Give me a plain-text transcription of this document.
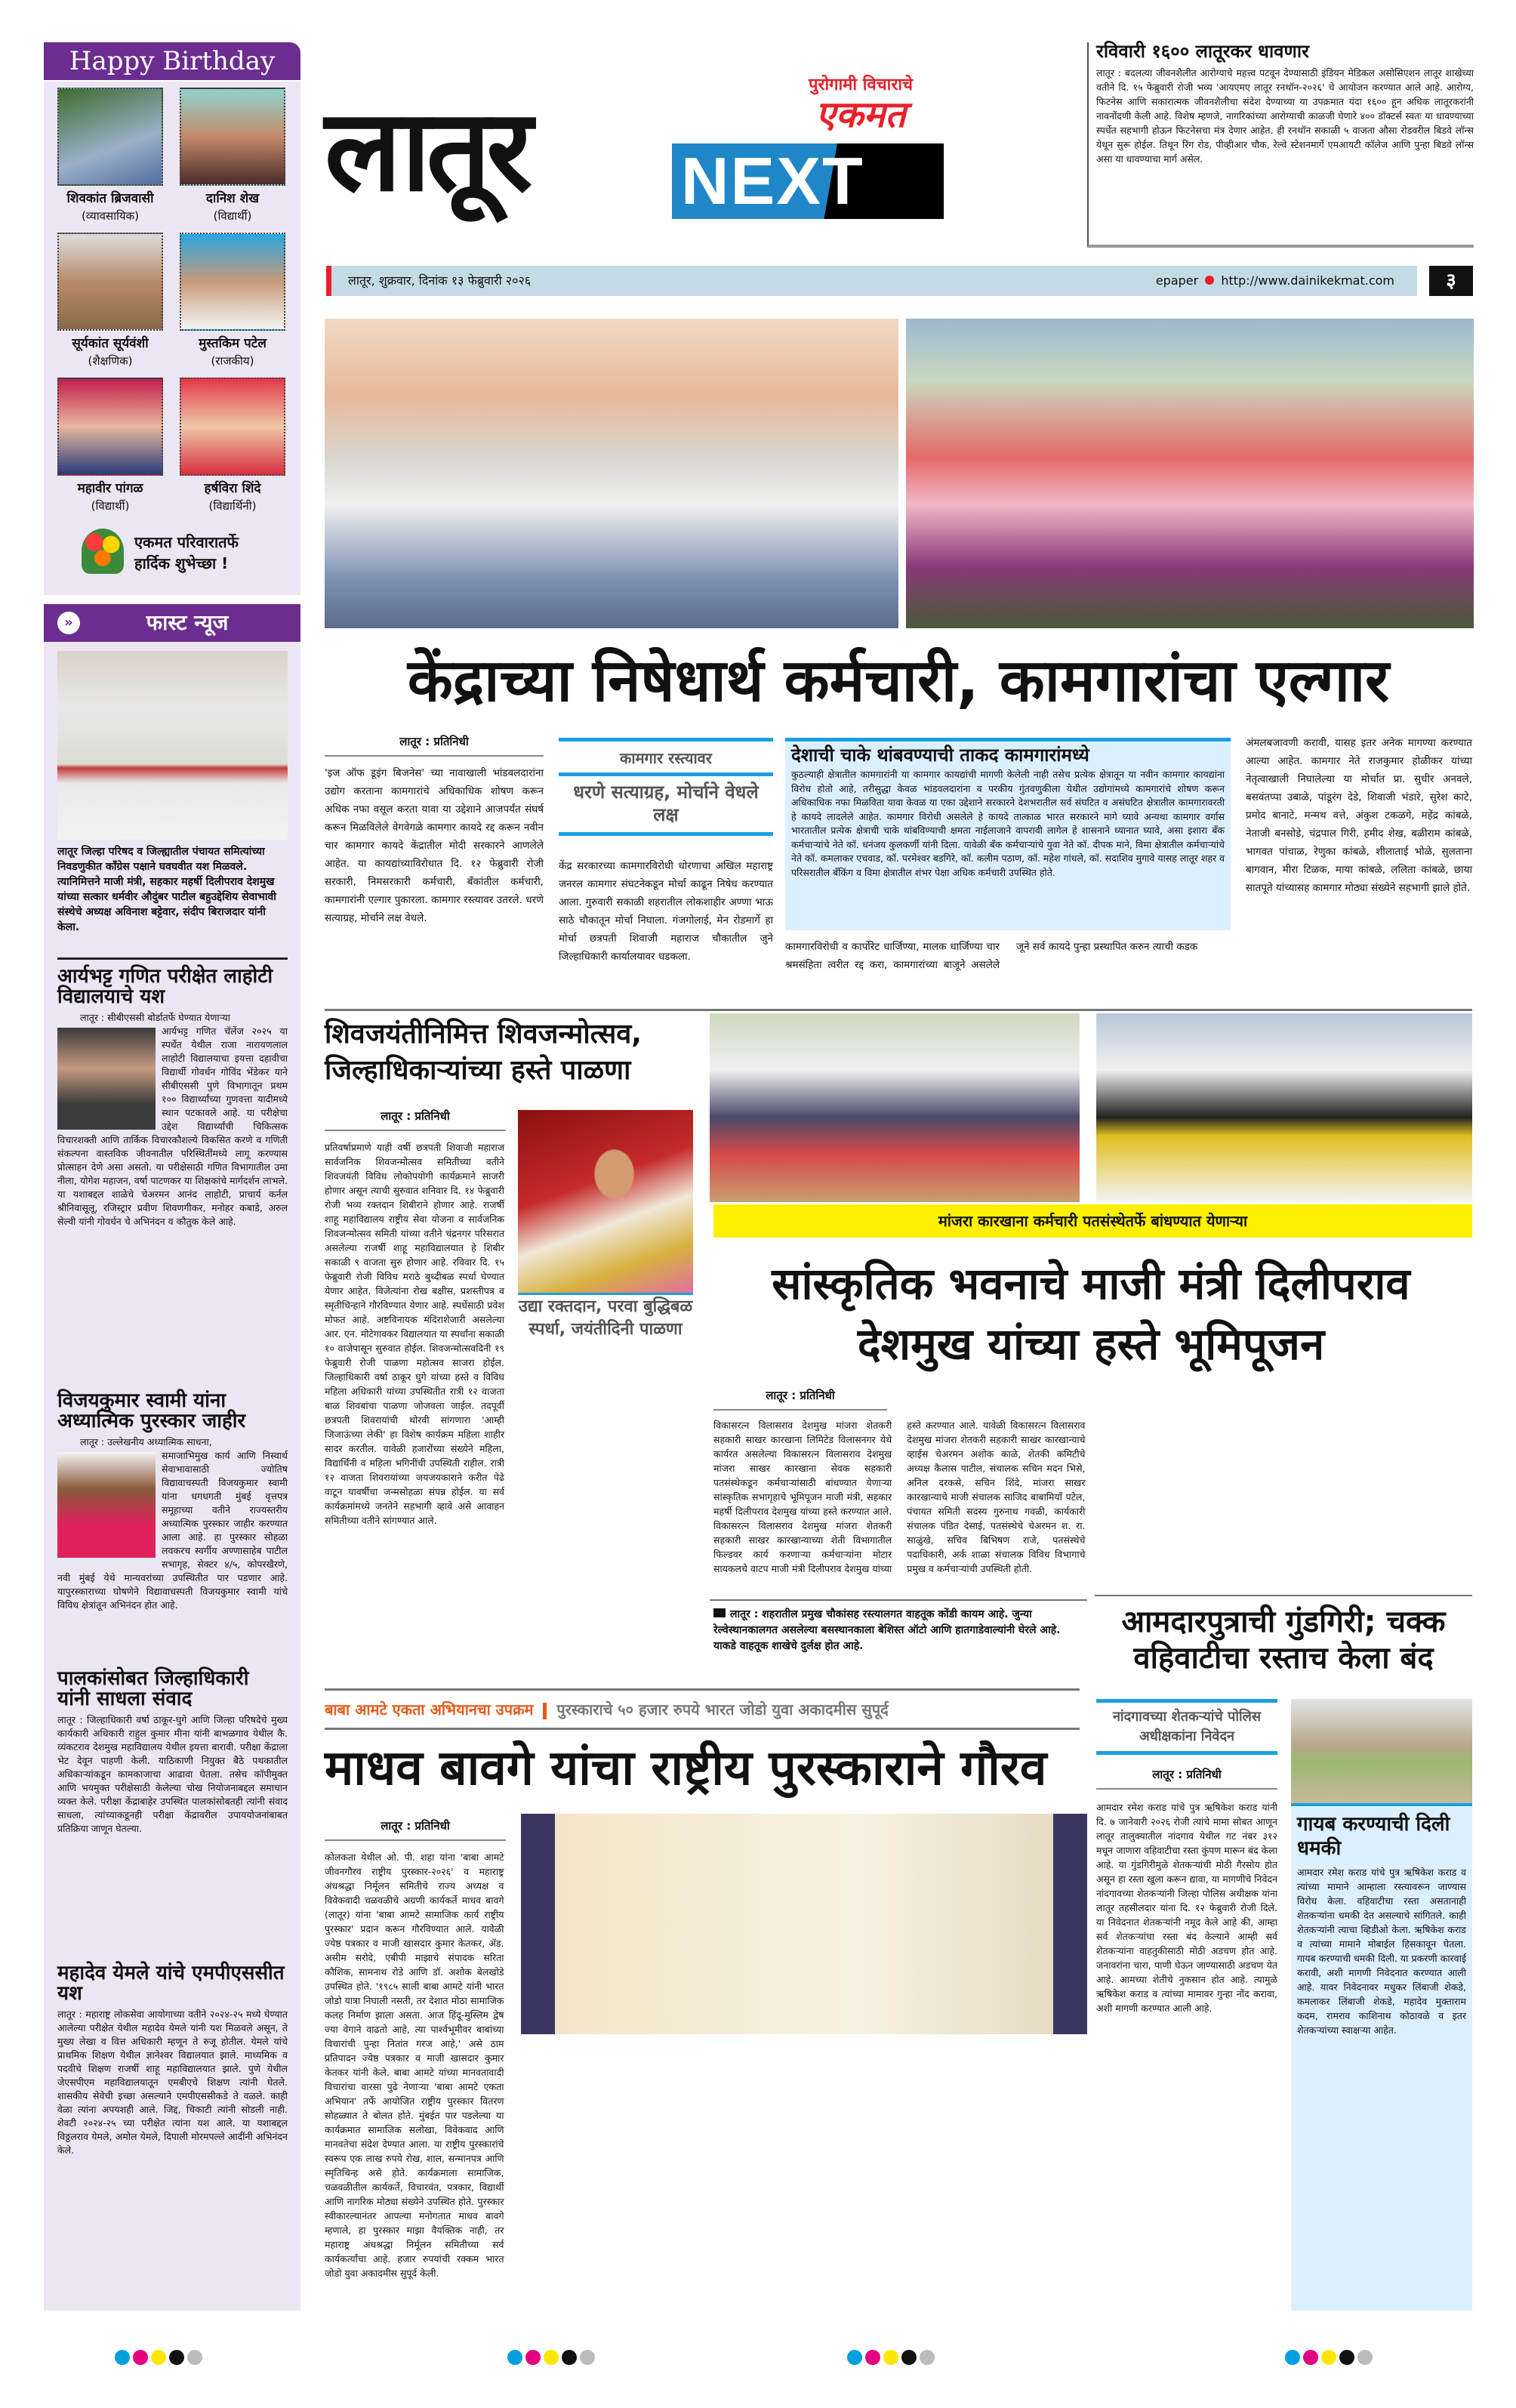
Happy Birthday
शिवकांत ब्रिजवासी
(व्यावसायिक)
दानिश शेख
(विद्यार्थी)
सूर्यकांत सूर्यवंशी
(शैक्षणिक)
मुस्तकिम पटेल
(राजकीय)
महावीर पांगळ
(विद्यार्थी)
हर्षविरा शिंदे
(विद्यार्थिनी)
एकमत परिवारातर्फे
हार्दिक शुभेच्छा !
»	फास्ट न्यूज
लातूर जिल्हा परिषद व जिल्ह्यातील पंचायत समित्यांच्या निवडणुकीत कॉंग्रेस पक्षाने घवघवीत यश मिळवले. त्यानिमित्तने माजी मंत्री, सहकार महर्षी दिलीपराव देशमुख यांच्या सत्कार धर्मवीर औदुंबर पाटील बहुउद्देशिय सेवाभावी संस्थेचे अध्यक्ष अविनाश बट्टेवार, संदीप बिराजदार यांनी केला.
आर्यभट्ट गणित परीक्षेत लाहोटी विद्यालयाचे यश
लातूर : सीबीएससी बोर्डातर्फे घेण्यात येणाऱ्या
आर्यभट्ट गणित चॅलेंज २०२५ या स्पर्धेत येथील राजा नारायणलाल लाहोटी विद्यालयाचा इयत्ता दहावीचा विद्यार्थी गोवर्धन गोविंद भेंडेकर याने सीबीएससी पुणे विभागातून प्रथम १०० विद्यार्थ्यांच्या गुणवत्ता यादीमध्ये स्थान पटकावले आहे. या परीक्षेचा उद्देश विद्यार्थ्यांची चिकित्सक विचारशक्ती आणि तार्किक विचारकौशल्ये विकसित करणे व गणिती संकल्पना वास्तविक जीवनातील परिस्थितींमध्ये लागू करण्यास प्रोत्साहन देणे असा असतो. या परीक्षेसाठी गणित विभागातील उमा नीला, योगेश महाजन, वर्षा पाटणकर या शिक्षकांचे मार्गदर्शन लाभले. या यशाबद्दल शाळेचे चेअरमन आनंद लाहोटी, प्राचार्य कर्नल श्रीनिवासूलू, रजिस्ट्रार प्रवीण शिवणगीकर, मनोहर कबाडे, अरुल सेल्वी यांनी गोवर्धन चे अभिनंदन व कौतुक केले आहे.
विजयकुमार स्वामी यांना अध्यात्मिक पुरस्कार जाहीर
लातूर : उल्लेखनीय अध्यात्मिक साधना,
समाजाभिमुख कार्य आणि निस्वार्थ सेवाभावासाठी ज्योतिष विद्यावाचस्पती विजयकुमार स्वामी यांना धगधगती मुंबई वृत्तपत्र समूहाच्या वतीने राज्यस्तरीय अध्यात्मिक पुरस्कार जाहीर करण्यात आला आहे. हा पुरस्कार सोहळा लवकरच स्वर्गीय अण्णासाहेब पाटील सभागृह, सेक्टर ४/५, कोपरखैरणे, नवी मुंबई येथे मान्यवरांच्या उपस्थितीत पार पडणार आहे. यापुरस्काराच्या घोषणेने विद्यावाचस्पती विजयकुमार स्वामी यांचे विविध क्षेत्रांतून अभिनंदन होत आहे.
पालकांसोबत जिल्हाधिकारी यांनी साधला संवाद
लातूर : जिल्हाधिकारी वर्षा ठाकूर-घुगे आणि जिल्हा परिषदेचे मुख्य कार्यकारी अधिकारी राहुल कुमार मीना यांनी बाभळगाव येथील कै. व्यंकटराव देशमुख महाविद्यालय येथील इयत्ता बारावी. परीक्षा केंद्राला भेट देवून पाहणी केली. याठिकाणी नियुक्त बैठे पथकातील अधिकाऱ्यांकडून कामकाजाचा आढावा घेतला. तसेच कॉपीमुक्त आणि भयमुक्त परीक्षेसाठी केलेल्या चोख नियोजनाबद्दल समाधान व्यक्त केले. परीक्षा केंद्राबाहेर उपस्थित पालकांसोबतही त्यांनी संवाद साधला, त्यांच्याकडूनही परीक्षा केंद्रावरील उपाययोजनांबाबत प्रतिक्रिया जाणून घेतल्या.
महादेव येमले यांचे एमपीएससीत यश
लातूर : महाराष्ट्र लोकसेवा आयोगाच्या वतीने २०२४-२५ मध्ये घेण्यात आलेल्या परीक्षेत येथील महादेव येमले यांनी यश मिळवले असून, ते मुख्य लेखा व वित्त अधिकारी म्हणून ते रुजू होतील. येमले यांचे प्राथमिक शिक्षण येथील ज्ञानेश्वर विद्यालयात झाले. माध्यमिक व पदवीचे शिक्षण राजर्षी शाहू महाविद्यालयात झाले. पुणे येथील जेएसपीएम महाविद्यालयातून एमबीएचे शिक्षण त्यांनी घेतले. शासकीय सेवेची इच्छा असल्याने एमपीएससीकडे ते वळले. काही वेळा त्यांना अपयशही आले. जिद्द, चिकाटी त्यांनी सोडली नाही. शेवटी २०२४-२५ च्या परीक्षेत त्यांना यश आले. या यशाबद्दल विठ्ठलराव येमले, अमोल येमले, दिपाली मोरमपल्ले आदींनी अभिनंदन केले.
लातूर
पुरोगामी विचाराचे
एकमत
NEXT
रविवारी १६०० लातूरकर धावणार
लातूर : बदलत्या जीवनशैलीत आरोग्याचे महत्त्व पटवून देण्यासाठी इंडियन मेडिकल असोसिएशन लातूर शाखेच्या वतीने दि. १५ फेब्रुवारी रोजी भव्य 'आयएमए लातूर रनथॉन-२०२६' चे आयोजन करण्यात आले आहे. आरोग्य, फिटनेस आणि सकारात्मक जीवनशैलीचा संदेश देण्याच्या या उपक्रमात यंदा १६०० हून अधिक लातूरकरांनी नावनोंदणी केली आहे. विशेष म्हणजे, नागरिकांच्या आरोग्याची काळजी घेणारे ४०० डॉक्टर्स स्वतः या धावण्याच्या स्पर्धेत सहभागी होऊन फिटनेसचा मंत्र देणार आहेत. ही रनथॉन सकाळी ५ वाजता औसा रोडवरील बिडवे लॉन्स येथून सुरू होईल. तिथून रिंग रोड, पीव्हीआर चौक, रेल्वे स्टेशनमार्गे एमआयटी कॉलेज आणि पुन्हा बिडवे लॉन्स असा या धावण्याचा मार्ग असेल.
लातूर, शुक्रवार, दिनांक १३ फेब्रुवारी २०२६	epaper http://www.dainikekmat.com	३
केंद्राच्या निषेधार्थ कर्मचारी, कामगारांचा एल्गार
लातूर : प्रतिनिधी
'इज ऑफ डूइंग बिजनेस' च्या नावाखाली भांडवलदारांना उद्योग करताना कामगारांचे अधिकाधिक शोषण करून अधिक नफा वसूल करता यावा या उद्देशाने आजपर्यंत संघर्ष करून मिळविलेले वेगवेगळे कामगार कायदे रद्द करून नवीन चार कामगार कायदे केंद्रातील मोदी सरकारने आणलेले आहेत. या कायद्यांच्याविरोधात दि. १२ फेब्रुवारी रोजी सरकारी, निमसरकारी कर्मचारी, बँकांतील कर्मचारी, कामगारांनी एल्गार पुकारला. कामगार रस्त्यावर उतरले. धरणे सत्याग्रह, मोर्चाने लक्ष वेधले.
कामगार रस्त्यावर
धरणे सत्याग्रह, मोर्चाने वेधले लक्ष
केंद्र सरकारच्या कामगारविरोधी धोरणाचा अखिल महाराष्ट्र जनरल कामगार संघटनेकडून मोर्चा काढून निषेध करण्यात आला. गुरुवारी सकाळी शहरातील लोकशाहीर अण्णा भाऊ साठे चौकातून मोर्चा निघाला. गंजगोलाई, मेन रोडमार्गे हा मोर्चा छत्रपती शिवाजी महाराज चौकातील जुने जिल्हाधिकारी कार्यालयावर धडकला.
देशाची चाके थांबवण्याची ताकद कामगारांमध्ये
कुठल्याही क्षेत्रातील कामगारांनी या कामगार कायद्यांची मागणी केलेली नाही तसेच प्रत्येक क्षेत्रातून या नवीन कामगार कायद्यांना विरोध होतो आहे, तरीसुद्धा केवळ भांडवलदारांना व परकीय गुंतवणुकीला येथील उद्योगांमध्ये कामगारांचे शोषण करून अधिकाधिक नफा मिळविता यावा केवळ या एका उद्देशाने सरकारने देशभरातील सर्व संघटित व असंघटित क्षेत्रातील कामगारावरती हे कायदे लादलेले आहेत. कामगार विरोधी असलेले हे कायदे तात्काळ भारत सरकारने मागे घ्यावे अन्यथा कामगार वर्गास भारतातील प्रत्येक क्षेत्राची चाके थांबविण्याची क्षमता नाईलाजाने वापरावी लागेल हे शासनाने ध्यानात घ्यावे, असा इशारा बँक कर्मचाऱ्यांचे नेते कॉ. धनंजय कुलकर्णी यांनी दिला. यावेळी बँक कर्मचाऱ्यांचे युवा नेते कॉ. दीपक माने, विमा क्षेत्रातील कर्मचाऱ्यांचे नेते कॉ. कमलाकर एचवाड, कॉ. परमेश्वर बडगिरे, कॉ. कलीम पठाण, कॉ. महेश गांधले, कॉ. सदाशिव मुगावे यासह लातूर शहर व परिसरातील बँकिंग व विमा क्षेत्रातील शंभर पेक्षा अधिक कर्मचारी उपस्थित होते.
कामगारविरोधी व कार्पोरेट धार्जिण्या, मालक धार्जिण्या चार श्रमसंहिता त्वरीत रद्द करा, कामगारांच्या बाजूने असलेले जूने सर्व कायदे पुन्हा प्रस्थापित करुन त्याची कडक
अंमलबजावणी करावी, यासह इतर अनेक मागण्या करण्यात आल्या आहेत. कामगार नेते राजकुमार होळीकर यांच्या नेतृत्वाखाली निघालेल्या या मोर्चात प्रा. सुधीर अनवले, बसवंतप्पा उबाळे, पांडूरंग देडे, शिवाजी भंडारे, सुरेश काटे, प्रमोद बानाटे, मन्मथ वत्ते, अंकुश टकळगे, महेंद्र कांबळे, नेताजी बनसोडे, चंद्रपाल गिरी, हमीद शेख, बळीराम कांबळे, भागवत पांचाळ, रेणुका कांबळे, शीलाताई भोळे, सुलताना बागवान, मीरा टिळक, माया कांबळे, ललिता कांबळे, छाया सातपूते यांच्यासह कामगार मोठ्या संख्येने सहभागी झाले होते.
शिवजयंतीनिमित्त शिवजन्मोत्सव, जिल्हाधिकाऱ्यांच्या हस्ते पाळणा
लातूर : प्रतिनिधी
प्रतिवर्षाप्रमाणे याही वर्षी छत्रपती शिवाजी महाराज सार्वजनिक शिवजन्मोत्सव समितीच्या वतीने शिवजयंती विविध लोकोपयोगी कार्यक्रमाने साजरी होणार असून त्याची सुरुवात शनिवार दि. १४ फेब्रुवारी रोजी भव्य रक्तदान शिबीराने होणार आहे. राजर्षी शाहू महाविद्यालय राष्ट्रीय सेवा योजना व सार्वजनिक शिवजन्मोत्सव समिती यांच्या वतीने चंद्रनगर परिसरात असलेल्या राजर्षी शाहू महाविद्यालयात हे शिबीर सकाळी ९ वाजता सुरु होणार आहे. रविवार दि. १५ फेब्रुवारी रोजी विविध मराठे बुध्दीबळ स्पर्धा घेण्यात येणार आहेत. विजेत्यांना रोख बक्षीस, प्रशस्तीपत्र व स्मृतीचिन्हाने गौरविण्यात येणार आहे. स्पर्धेसाठी प्रवेश मोफत आहे. अष्टविनायक मंदिराशेजारी असलेल्या आर. एन. मोटेगावकर विद्यालयात या स्पर्धांना सकाळी १० वाजेपासून सुरुवात होईल. शिवजन्मोत्सवदिनी १९ फेब्रुवारी रोजी पाळणा महोत्सव साजरा होईल. जिल्हाधिकारी वर्षा ठाकूर घुगे यांच्या हस्ते व विविध महिला अधिकारी यांच्या उपस्थितीत रात्री १२ वाजता बाळ शिवबांचा पाळणा जोजवला जाईल. तदपूर्वी छत्रपती शिवरायांची थोरवी सांगणारा 'आम्ही जिजाऊंच्या लेकी' हा विशेष कार्यक्रम महिला शाहीर सादर करतील. यावेळी हजारोंच्या संख्येने महिला, विद्यार्थिनी व महिला भगिनींची उपस्थिती राहील. रात्री १२ वाजता शिवरायांच्या जयजयकाराने करीत पेढे वाटून यावर्षीचा जन्मसोहळा संपन्न होईल. या सर्व कार्यक्रमांमध्ये जनतेने सहभागी व्हावे असे आवाहन समितीच्या वतीने सांगण्यात आले.
उद्या रक्तदान, परवा बुद्धिबळ स्पर्धा, जयंतीदिनी पाळणा
मांजरा कारखाना कर्मचारी पतसंस्थेतर्फे बांधण्यात येणाऱ्या
सांस्कृतिक भवनाचे माजी मंत्री दिलीपराव देशमुख यांच्या हस्ते भूमिपूजन
लातूर : प्रतिनिधी
विकासरत्न विलासराव देशमुख मांजरा शेतकरी सहकारी साखर कारखाना लिमिटेड विलासनगर येथे कार्यरत असलेल्या विकासरत्न विलासराव देशमुख मांजरा साखर कारखाना सेवक सहकारी पतसंस्थेकडून कर्मचाऱ्यांसाठी बांधण्यात येणाऱ्या सांस्कृतिक सभागृहाचे भूमिपूजन माजी मंत्री, सहकार महर्षी दिलीपराव देशमुख यांच्या हस्ते करण्यात आले. विकासरत्न विलासराव देशमुख मांजरा शेतकरी सहकारी साखर कारखान्याच्या शेती विभागातील फिल्डवर कार्य करणाऱ्या कर्मचाऱ्यांना मोटार सायकलचे वाटप माजी मंत्री दिलीपराव देशमुख यांच्या हस्ते करण्यात आले. यावेळी विकासरत्न विलासराव देशमुख मांजरा शेतकरी सहकारी साखर कारखान्याचे व्हाईस चेअरमन अशोक काळे, शेतकी कमिटीचे अध्यक्ष कैलास पाटील, संचालक सचिन मदन भिसे, अनिल दरकसे, सचिन शिंदे, मांजरा साखर कारखान्याचे माजी संचालक साजिद बाबामियाँ पटेल, पंचायत समिती सदस्य गुरुनाथ गवळी, कार्यकारी संचालक पंडित देसाई, पतसंस्थेचे चेअरमन श. रा. साळुंखे, सचिव बिभिषण राजे, पतसंस्थेचे पदाधिकारी, अर्क शाळा संचालक विविध विभागाचे प्रमुख व कर्मचाऱ्यांची उपस्थिती होती.
लातूर : शहरातील प्रमुख चौकांसह रस्त्यालगत वाहतूक कोंडी कायम आहे. जुन्या रेल्वेस्थानकालगत असलेल्या बसस्थानकाला बेशिस्त ऑटो आणि हातगाडेवाल्यांनी घेरले आहे. याकडे वाहतूक शाखेचे दुर्लक्ष होत आहे.
आमदारपुत्राची गुंडगिरी; चक्क वहिवाटीचा रस्ताच केला बंद
बाबा आमटे एकता अभियानचा उपक्रम पुरस्काराचे ५० हजार रुपये भारत जोडो युवा अकादमीस सुपूर्द
माधव बावगे यांचा राष्ट्रीय पुरस्काराने गौरव
लातूर : प्रतिनिधी
कोलकता येथील ओ. पी. शहा यांना 'बाबा आमटे जीवनगौरव राष्ट्रीय पुरस्कार-२०२६' व महाराष्ट्र अंधश्रद्धा निर्मूलन समितीचे राज्य अध्यक्ष व विवेकवादी चळवळीचे अग्रणी कार्यकर्ते माधव बावगे (लातूर) यांना 'बाबा आमटे सामाजिक कार्य राष्ट्रीय पुरस्कार' प्रदान करून गौरविण्यात आले. यावेळी ज्येष्ठ पत्रकार व माजी खासदार कुमार केतकर, ॲड. असीम सरोदे, एबीपी माझाचे संपादक सरिता कौशिक, सामनाथ रोडे आणि डॉ. अशोक बेलखोडे उपस्थित होते. '१९८५ साली बाबा आमटे यांनी भारत जोडो यात्रा निघाली नसती, तर देशात मोठा सामाजिक कलह निर्माण झाला असता. आज हिंदू-मुस्लिम द्वेष ज्या वेगाने वाढतो आहे, त्या पार्श्वभूमीवर बाबांच्या विचारांची पुन्हा नितांत गरज आहे,' असे ठाम प्रतिपादन ज्येष्ठ पत्रकार व माजी खासदार कुमार केतकर यांनी केले. बाबा आमटे यांच्या मानवतावादी विचारांचा वारसा पुढे नेणाऱ्या 'बाबा आमटे एकता अभियान' तर्फे आयोजित राष्ट्रीय पुरस्कार वितरण सोहळ्यात ते बोलत होते. मुंबईत पार पडलेल्या या कार्यक्रमात सामाजिक सलोखा, विवेकवाद आणि मानवतेचा संदेश देण्यात आला. या राष्ट्रीय पुरस्कारांचे स्वरूप एक लाख रुपये रोख, शाल, सन्मानपत्र आणि स्मृतिचिन्ह असे होते. कार्यक्रमाला सामाजिक, चळवळीतील कार्यकर्ते, विचारवंत, पत्रकार, विद्यार्थी आणि नागरिक मोठ्या संख्येने उपस्थित होते. पुरस्कार स्वीकारल्यानंतर आपल्या मनोगतात माधव बावगे म्हणाले, हा पुरस्कार माझा वैयक्तिक नाही, तर महाराष्ट्र अंधश्रद्धा निर्मूलन समितीच्या सर्व कार्यकर्त्यांचा आहे. हजार रुपयांची रक्कम भारत जोडो युवा अकादमीस सुपूर्द केली.
नांदगावच्या शेतकऱ्यांचे पोलिस अधीक्षकांना निवेदन
लातूर : प्रतिनिधी
आमदार रमेश कराड यांचे पुत्र ऋषिकेश कराड यांनी दि. ७ जानेवारी २०२६ रोजी त्यांचे मामा सोबत आणून लातूर तालुक्यातील नांदगाव येथील गट नंबर ३१२ मधून जाणारा वहिवाटीचा रस्ता कुंपण मारून बंद केला आहे. या गुंडगिरीमुळे शेतकऱ्यांची मोठी गैरसोय होत असून हा रस्ता खुला करून द्यावा, या मागणीचे निवेदन नांदगावच्या शेतकऱ्यांनी जिल्हा पोलिस अधीक्षक यांना लातूर तहसीलदार यांना दि. १२ फेब्रुवारी रोजी दिले. या निवेदनात शेतकऱ्यांनी नमूद केले आहे की, आम्हा सर्व शेतकऱ्यांचा रस्ता बंद केल्याने आम्ही सर्व शेतकऱ्यांना वाहतुकीसाठी मोठी अडचण होत आहे. जनावरांना चारा, पाणी घेऊन जाण्यासाठी अडचण येत आहे. आमच्या शेतीचे नुकसान होत आहे. त्यामुळे ऋषिकेश कराड व त्यांच्या मामावर गुन्हा नोंद करावा, अशी मागणी करण्यात आली आहे.
गायब करण्याची दिली धमकी
आमदार रमेश कराड यांचे पुत्र ऋषिकेश कराड व त्यांच्या मामाने आम्हाला रस्त्यावरून जाण्यास विरोध केला. वहिवाटीचा रस्ता असतानाही शेतकऱ्यांना धमकी देत असल्याचे सांगितले. काही शेतकऱ्यांनी त्याचा व्हिडीओ केला. ऋषिकेश कराड व त्यांच्या मामाने मोबाईल हिसकावून घेतला. गायब करण्याची धमकी दिली. या प्रकरणी कारवाई करावी, अशी मागणी निवेदनात करण्यात आली आहे. यावर निवेदनावर मधुकर लिंबाजी शेकडे, कमलाकर लिंबाजी शेकडे, महादेव मुक्ताराम कदम, रामराव काशिनाथ कोठावळे व इतर शेतकऱ्यांच्या स्वाक्षऱ्या आहेत.
